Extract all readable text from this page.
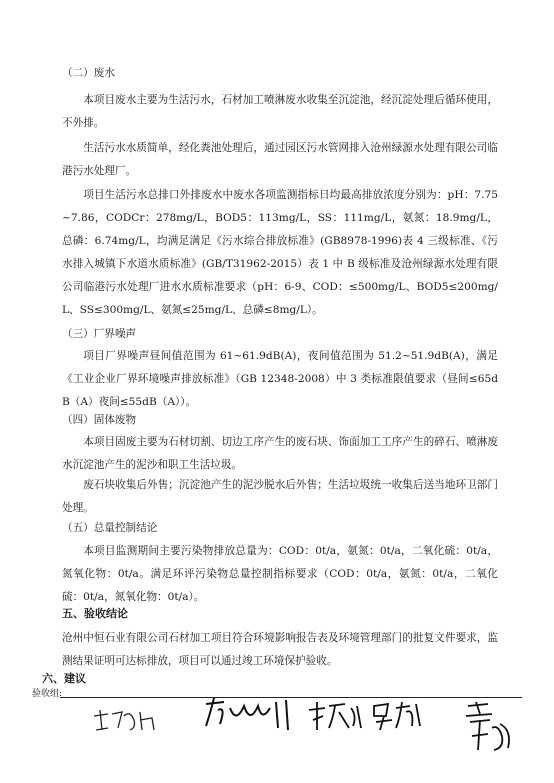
（二）废水

本项目废水主要为生活污水，石材加工喷淋废水收集至沉淀池，经沉淀处理后循环使用，不外排。

生活污水水质简单，经化粪池处理后，通过园区污水管网排入沧州绿源水处理有限公司临港污水处理厂。

项目生活污水总排口外排废水中废水各项监测指标日均最高排放浓度分别为：pH：7.75~7.86，CODCr：278mg/L，BOD5：113mg/L，SS：111mg/L，氨氮：18.9mg/L，总磷：6.74mg/L，均满足满足《污水综合排放标准》(GB8978-1996)表 4 三级标准、《污水排入城镇下水道水质标准》(GB/T31962-2015）表 1 中 B 级标准及沧州绿源水处理有限公司临港污水处理厂进水水质标准要求（pH：6-9、COD：≤500mg/L、BOD5≤200mg/L、SS≤300mg/L、氨氮≤25mg/L、总磷≤8mg/L）。

（三）厂界噪声

项目厂界噪声昼间值范围为 61~61.9dB(A)，夜间值范围为 51.2~51.9dB(A)，满足《工业企业厂界环境噪声排放标准》（GB 12348-2008）中 3 类标准限值要求（昼间≤65dB（A）夜间≤55dB（A））。

（四）固体废物

本项目固废主要为石材切割、切边工序产生的废石块、饰面加工工序产生的碎石、喷淋废水沉淀池产生的泥沙和职工生活垃圾。

废石块收集后外售；沉淀池产生的泥沙脱水后外售；生活垃圾统一收集后送当地环卫部门处理。

（五）总量控制结论

本项目监测期间主要污染物排放总量为：COD：0t/a，氨氮：0t/a，二氧化硫：0t/a，氮氧化物：0t/a。满足环评污染物总量控制指标要求（COD：0t/a，氨氮：0t/a，二氧化硫：0t/a，氮氧化物：0t/a）。

五、验收结论

沧州中恒石业有限公司石材加工项目符合环境影响报告表及环境管理部门的批复文件要求，监测结果证明可达标排放，项目可以通过竣工环境保护验收。

六、建议

验收组:
